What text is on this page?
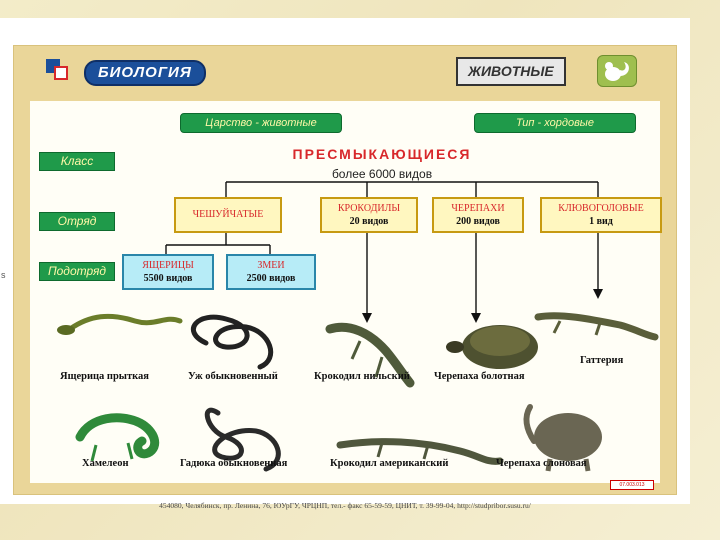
s
БИОЛОГИЯ	ЖИВОТНЫЕ
Царство - животные	Тип - хордовые
Класс
Отряд
Подотряд
ПРЕСМЫКАЮЩИЕСЯ
более 6000 видов
ЧЕШУЙЧАТЫЕ
КРОКОДИЛЫ
20 видов
ЧЕРЕПАХИ
200 видов
КЛЮВОГОЛОВЫЕ
1 вид
ЯЩЕРИЦЫ
5500 видов
ЗМЕИ
2500 видов
Ящерица прыткая	Уж обыкновенный	Крокодил нильский Черепаха болотная
Гаттерия
Хамелеон	Гадюка обыкновенная	Крокодил американский	Черепаха слоновая
07.003.013
454080, Челябинск, пр. Ленина, 76, ЮУрГУ, ЧРЦНП, тел.- факс 65-59-59, ЦНИТ, т. 39-99-04, http://studpribor.susu.ru/
